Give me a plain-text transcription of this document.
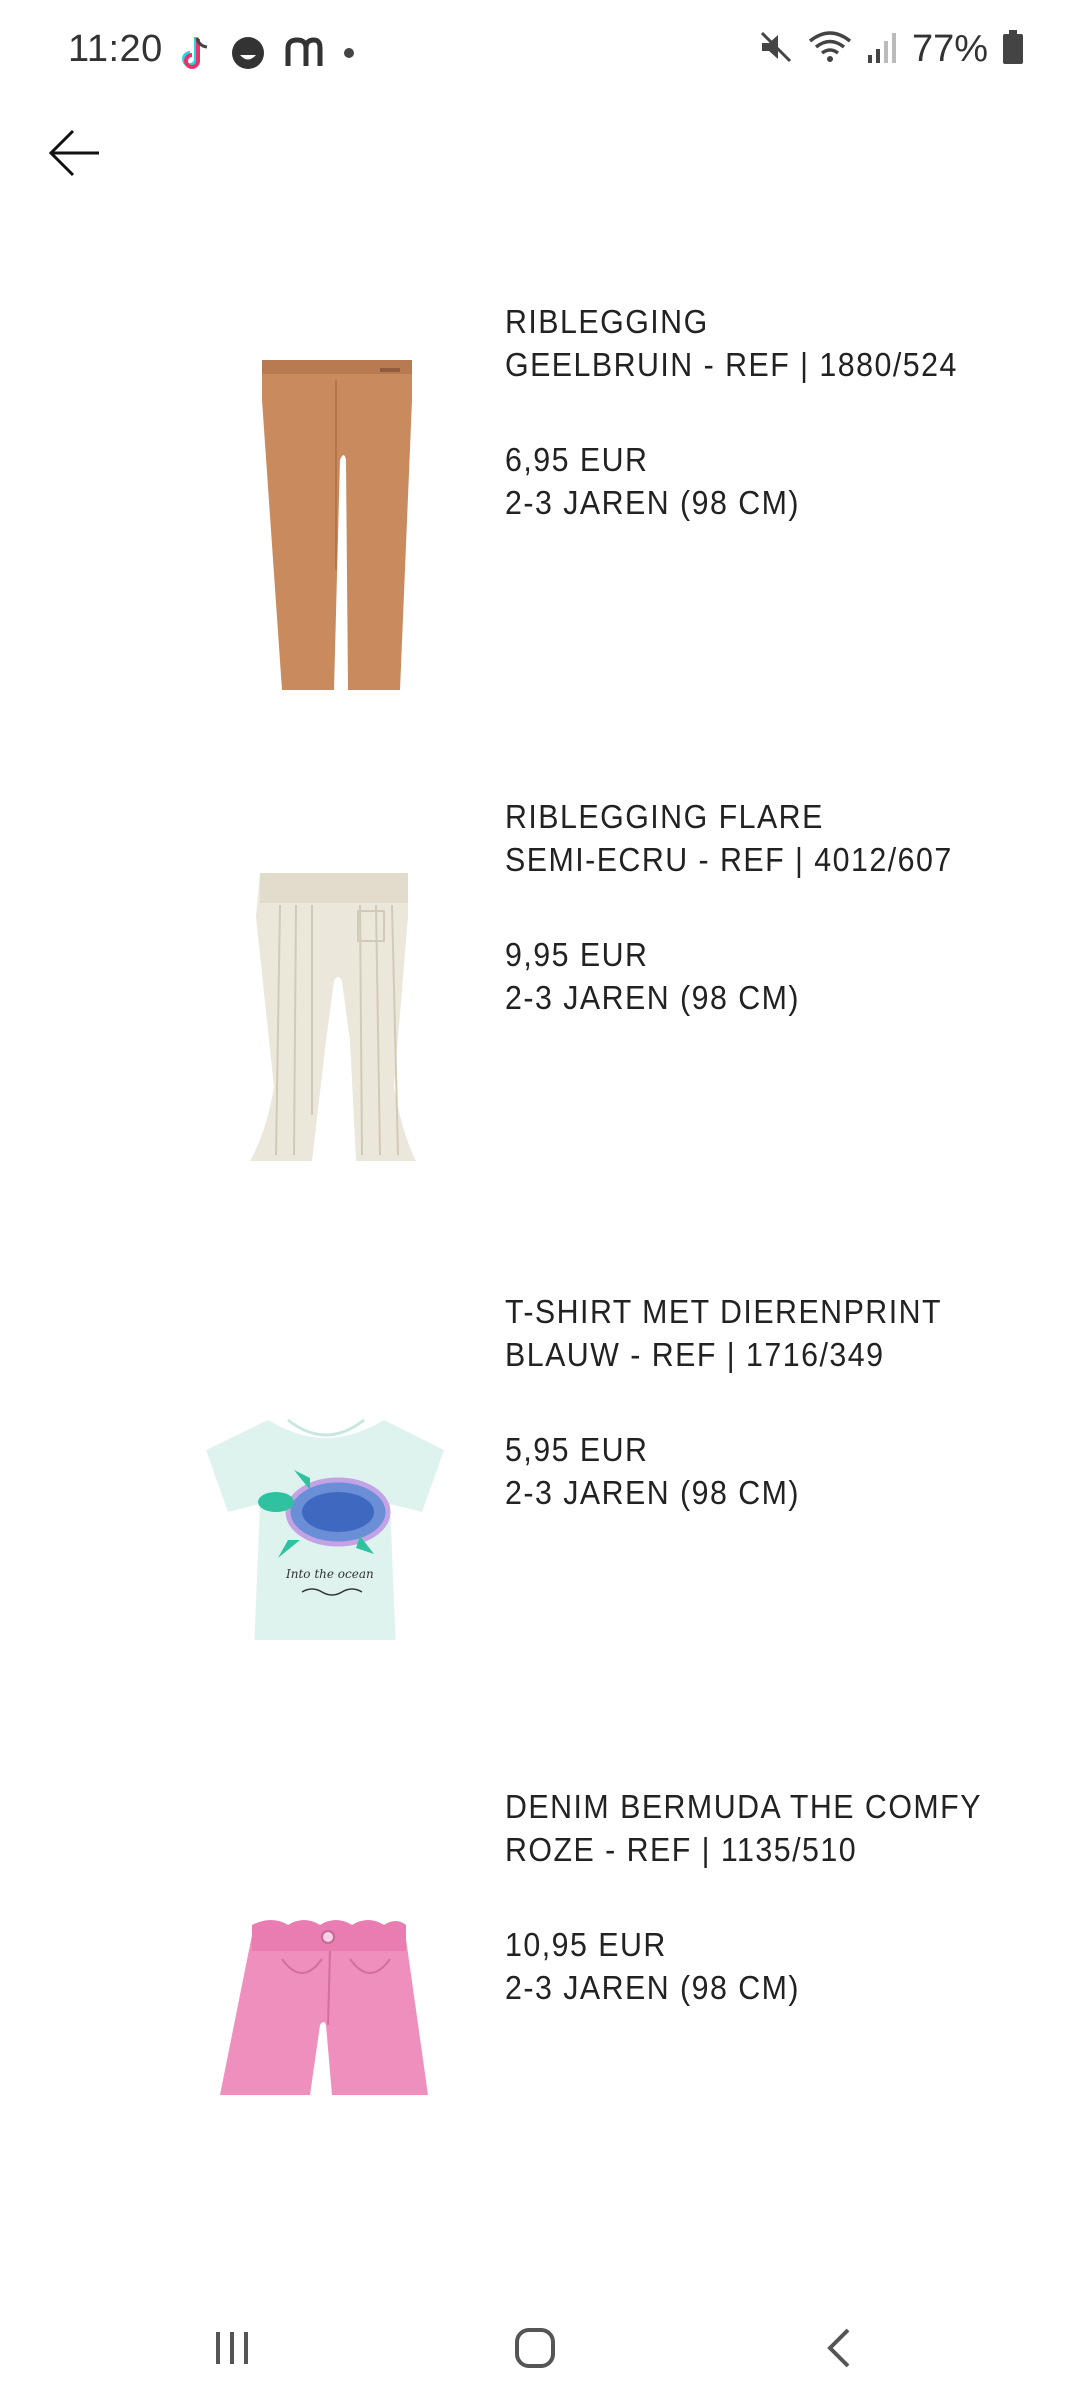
11:20	77%
RIBLEGGING
GEELBRUIN - REF | 1880/524
6,95 EUR
2-3 JAREN (98 CM)
RIBLEGGING FLARE
SEMI-ECRU - REF | 4012/607
9,95 EUR
2-3 JAREN (98 CM)
Into the ocean
T-SHIRT MET DIERENPRINT
BLAUW - REF | 1716/349
5,95 EUR
2-3 JAREN (98 CM)
DENIM BERMUDA THE COMFY
ROZE - REF | 1135/510
10,95 EUR
2-3 JAREN (98 CM)
